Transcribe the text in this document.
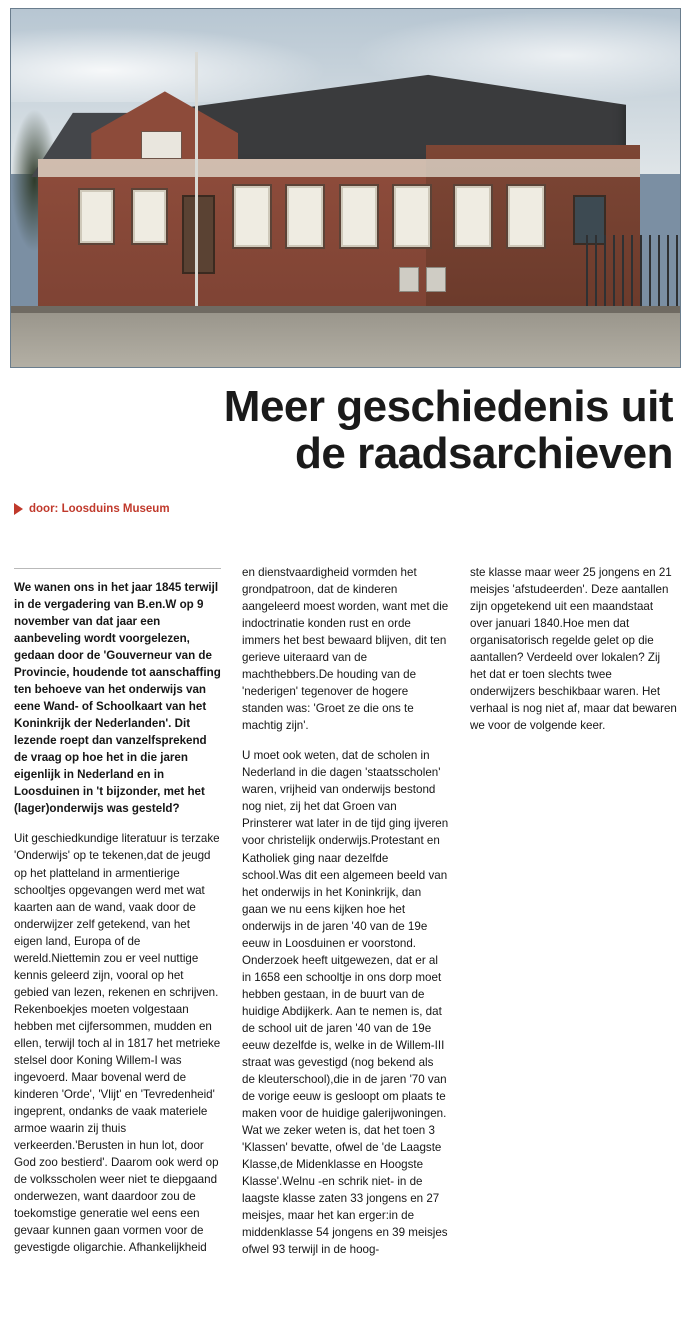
Meer geschiedenis uit
de raadsarchieven
door: Loosduins Museum

We wanen ons in het jaar 1845 terwijl in de vergadering van B.en.W op 9 november van dat jaar een aanbeveling wordt voorgelezen, gedaan door de 'Gouverneur van de Provincie, houdende tot aanschaffing ten behoeve van het onderwijs van eene Wand- of Schoolkaart van het Koninkrijk der Nederlanden'. Dit lezende roept dan vanzelfsprekend de vraag op hoe het in die jaren eigenlijk in Nederland en in Loosduinen in 't bijzonder, met het (lager)onderwijs was gesteld?

Uit geschiedkundige literatuur is terzake 'Onderwijs' op te tekenen,dat de jeugd op het platteland in armentierige schooltjes opgevangen werd met wat kaarten aan de wand, vaak door de onderwijzer zelf getekend, van het eigen land, Europa of de wereld.Niettemin zou er veel nuttige kennis geleerd zijn, vooral op het gebied van lezen, rekenen en schrijven. Rekenboekjes moeten volgestaan hebben met cijfersommen, mudden en ellen, terwijl toch al in 1817 het metrieke stelsel door Koning Willem-I was ingevoerd. Maar bovenal werd de kinderen 'Orde', 'Vlijt' en 'Tevredenheid' ingeprent, ondanks de vaak materiele armoe waarin zij thuis verkeerden.'Berusten in hun lot, door God zoo bestierd'. Daarom ook werd op de volksscholen weer niet te diepgaand onderwezen, want daardoor zou de toekomstige generatie wel eens een gevaar kunnen gaan vormen voor de gevestigde oligarchie. Afhankelijkheid

en dienstvaardigheid vormden het grondpatroon, dat de kinderen aangeleerd moest worden, want met die indoctrinatie konden rust en orde immers het best bewaard blijven, dit ten gerieve uiteraard van de machthebbers.De houding van de 'nederigen' tegenover de hogere standen was: 'Groet ze die ons te machtig zijn'.

U moet ook weten, dat de scholen in Nederland in die dagen 'staatsscholen' waren, vrijheid van onderwijs bestond nog niet, zij het dat Groen van Prinsterer wat later in de tijd ging ijveren voor christelijk onderwijs.Protestant en Katholiek ging naar dezelfde school.Was dit een algemeen beeld van het onderwijs in het Koninkrijk, dan gaan we nu eens kijken hoe het onderwijs in de jaren '40 van de 19e eeuw in Loosduinen er voorstond. Onderzoek heeft uitgewezen, dat er al in 1658 een schooltje in ons dorp moet hebben gestaan, in de buurt van de huidige Abdijkerk. Aan te nemen is, dat de school uit de jaren '40 van de 19e eeuw dezelfde is, welke in de Willem-III straat was gevestigd (nog bekend als de kleuterschool),die in de jaren '70 van de vorige eeuw is gesloopt om plaats te maken voor de huidige galerijwoningen. Wat we zeker weten is, dat het toen 3 'Klassen' bevatte, ofwel de 'de Laagste Klasse,de Midenklasse en Hoogste Klasse'.Welnu -en schrik niet- in de laagste klasse zaten 33 jongens en 27 meisjes, maar het kan erger:in de middenklasse 54 jongens en 39 meisjes ofwel 93 terwijl in de hoog-

ste klasse maar weer 25 jongens en 21 meisjes 'afstudeerden'. Deze aantallen zijn opgetekend uit een maandstaat over januari 1840.Hoe men dat organisatorisch regelde gelet op die aantallen? Verdeeld over lokalen? Zij het dat er toen slechts twee onderwijzers beschikbaar waren. Het verhaal is nog niet af, maar dat bewaren we voor de volgende keer.
